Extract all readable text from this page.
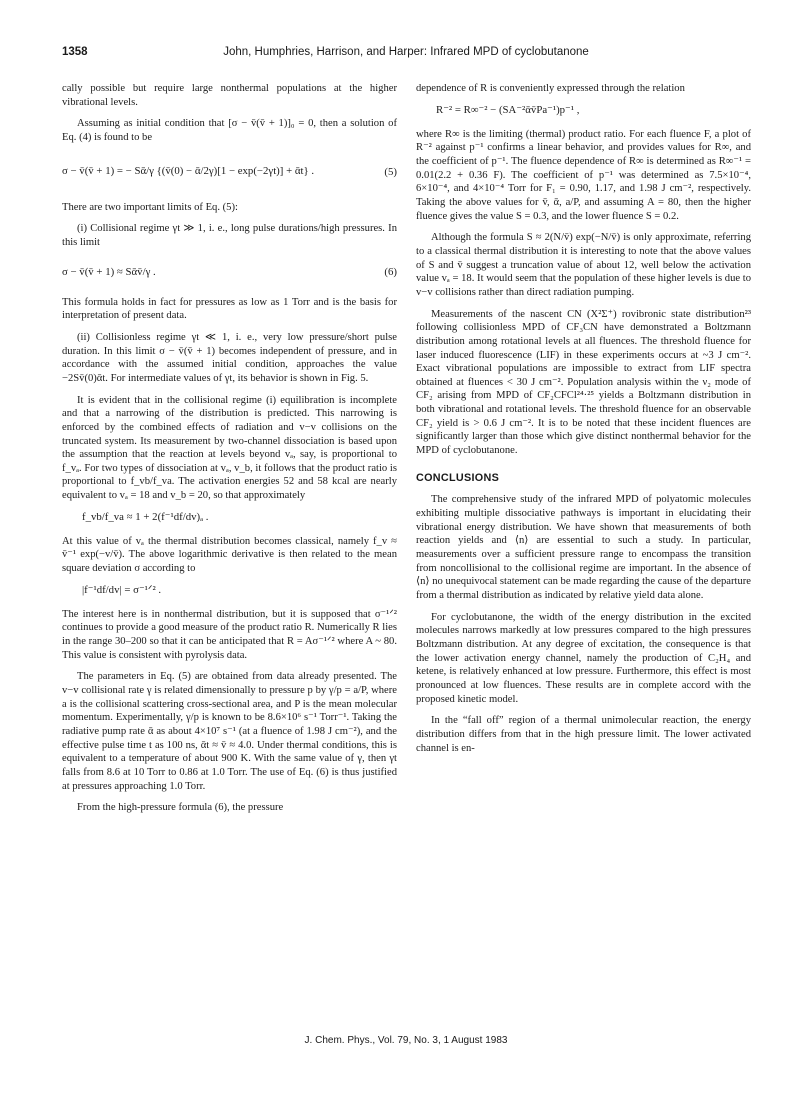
1358	John, Humphries, Harrison, and Harper: Infrared MPD of cyclobutanone

cally possible but require large nonthermal populations at the higher vibrational levels.

Assuming as initial condition that [σ − v̄(v̄ + 1)]₀ = 0, then a solution of Eq. (4) is found to be

σ − v̄(v̄ + 1) = − Sᾱ/γ {(v̄(0) − ᾱ/2γ)[1 − exp(−2γt)] + ᾱt} .	(5)

There are two important limits of Eq. (5):

(i) Collisional regime γt ≫ 1, i. e., long pulse durations/high pressures. In this limit

σ − v̄(v̄ + 1) ≈ Sᾱv̄/γ .	(6)

This formula holds in fact for pressures as low as 1 Torr and is the basis for interpretation of present data.

(ii) Collisionless regime γt ≪ 1, i. e., very low pressure/short pulse duration. In this limit σ − v̄(v̄ + 1) becomes independent of pressure, and in accordance with the assumed initial condition, approaches the value −2Sv̄(0)ᾱt. For intermediate values of γt, its behavior is shown in Fig. 5.

It is evident that in the collisional regime (i) equilibration is incomplete and that a narrowing of the distribution is predicted. This narrowing is enforced by the combined effects of radiation and v−v collisions on the truncated system. Its measurement by two-channel dissociation is based upon the assumption that the reaction at levels beyond vₐ, say, is proportional to f_vₐ. For two types of dissociation at vₐ, v_b, it follows that the product ratio is proportional to f_vb/f_va. The activation energies 52 and 58 kcal are nearly equivalent to vₐ = 18 and v_b = 20, so that approximately

f_vb/f_va ≈ 1 + 2(f⁻¹df/dv)ₐ .

At this value of vₐ the thermal distribution becomes classical, namely f_v ≈ v̄⁻¹ exp(−v/v̄). The above logarithmic derivative is then related to the mean square deviation σ according to

|f⁻¹df/dv| = σ⁻¹ᐟ² .

The interest here is in nonthermal distribution, but it is supposed that σ⁻¹ᐟ² continues to provide a good measure of the product ratio R. Numerically R lies in the range 30–200 so that it can be anticipated that R = Aσ⁻¹ᐟ² where A ~ 80. This value is consistent with pyrolysis data.

The parameters in Eq. (5) are obtained from data already presented. The v−v collisional rate γ is related dimensionally to pressure p by γ/p = a/P, where a is the collisional scattering cross-sectional area, and P is the mean molecular momentum. Experimentally, γ/p is known to be 8.6×10⁶ s⁻¹ Torr⁻¹. Taking the radiative pump rate ᾱ as about 4×10⁷ s⁻¹ (at a fluence of 1.98 J cm⁻²), and the effective pulse time t as 100 ns, ᾱt ≈ v̄ ≈ 4.0. Under thermal conditions, this is equivalent to a temperature of about 900 K. With the same value of γ, then γt falls from 8.6 at 10 Torr to 0.86 at 1.0 Torr. The use of Eq. (6) is thus justified at pressures approaching 1.0 Torr.

From the high-pressure formula (6), the pressure

dependence of R is conveniently expressed through the relation

R⁻² = R∞⁻² − (SA⁻²ᾱv̄Pa⁻¹)p⁻¹ ,

where R∞ is the limiting (thermal) product ratio. For each fluence F, a plot of R⁻² against p⁻¹ confirms a linear behavior, and provides values for R∞, and the coefficient of p⁻¹. The fluence dependence of R∞ is determined as R∞⁻¹ = 0.01(2.2 + 0.36 F). The coefficient of p⁻¹ was determined as 7.5×10⁻⁴, 6×10⁻⁴, and 4×10⁻⁴ Torr for F₁ = 0.90, 1.17, and 1.98 J cm⁻², respectively. Taking the above values for v̄, ᾱ, a/P, and assuming A = 80, then the higher fluence gives the value S = 0.3, and the lower fluence S = 0.2.

Although the formula S ≈ 2(N/v̄) exp(−N/v̄) is only approximate, referring to a classical thermal distribution it is interesting to note that the above values of S and v̄ suggest a truncation value of about 12, well below the activation value vₐ = 18. It would seem that the population of these higher levels is due to v−v collisions rather than direct radiation pumping.

Measurements of the nascent CN (X²Σ⁺) rovibronic state distribution²³ following collisionless MPD of CF₃CN have demonstrated a Boltzmann distribution among rotational levels at all fluences. The threshold fluence for laser induced fluorescence (LIF) in these experiments occurs at ~3 J cm⁻². Exact vibrational populations are impossible to extract from LIF spectra obtained at fluences < 30 J cm⁻². Population analysis within the ν₂ mode of CF₂ arising from MPD of CF₂CFCl²⁴·²⁵ yields a Boltzmann distribution in both vibrational and rotational levels. The threshold fluence for an observable CF₂ yield is > 0.6 J cm⁻². It is to be noted that these incident fluences are significantly larger than those which give distinct nonthermal behavior for the MPD of cyclobutanone.

CONCLUSIONS

The comprehensive study of the infrared MPD of polyatomic molecules exhibiting multiple dissociative pathways is important in elucidating their vibrational energy distribution. We have shown that measurements of both reaction yields and ⟨n⟩ are essential to such a study. In particular, measurements over a sufficient pressure range to encompass the transition from noncollisional to the collisional regime are important. In the absence of ⟨n⟩ no unequivocal statement can be made regarding the cause of the departure from a thermal distribution as indicated by relative yield data alone.

For cyclobutanone, the width of the energy distribution in the excited molecules narrows markedly at low pressures compared to the high pressures Boltzmann distribution. At any degree of excitation, the consequence is that the lower activation energy channel, namely the production of C₂H₄ and ketene, is relatively enhanced at low pressure. Furthermore, this effect is most pronounced at low fluences. These results are in complete accord with the proposed kinetic model.

In the “fall off” region of a thermal unimolecular reaction, the energy distribution differs from that in the high pressure limit. The lower activated channel is en-

J. Chem. Phys., Vol. 79, No. 3, 1 August 1983
